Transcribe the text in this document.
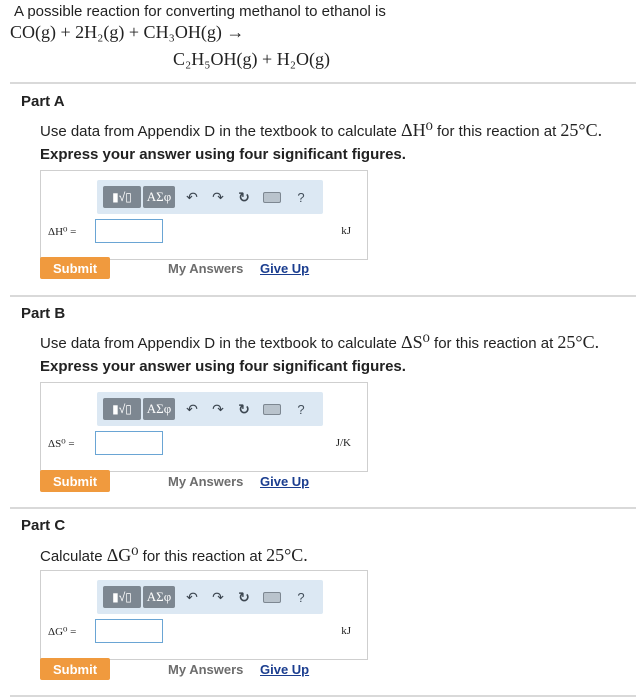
A possible reaction for converting methanol to ethanol is
CO(g) + 2H₂(g) + CH₃OH(g) →
C₂H₅OH(g) + H₂O(g)
Part A
Use data from Appendix D in the textbook to calculate ΔH⁰ for this reaction at 25°C.
Express your answer using four significant figures.
▮√▯	ΑΣφ ↶ ↷ ↻	?
ΔH⁰ =	kJ
Submit	My Answers Give Up
Part B
Use data from Appendix D in the textbook to calculate ΔS⁰ for this reaction at 25°C.
Express your answer using four significant figures.
▮√▯	ΑΣφ ↶ ↷ ↻	?
ΔS⁰ =	J/K
Submit	My Answers Give Up
Part C
Calculate ΔG⁰ for this reaction at 25°C.
▮√▯	ΑΣφ ↶ ↷ ↻	?
ΔG⁰ =	kJ
Submit	My Answers Give Up
